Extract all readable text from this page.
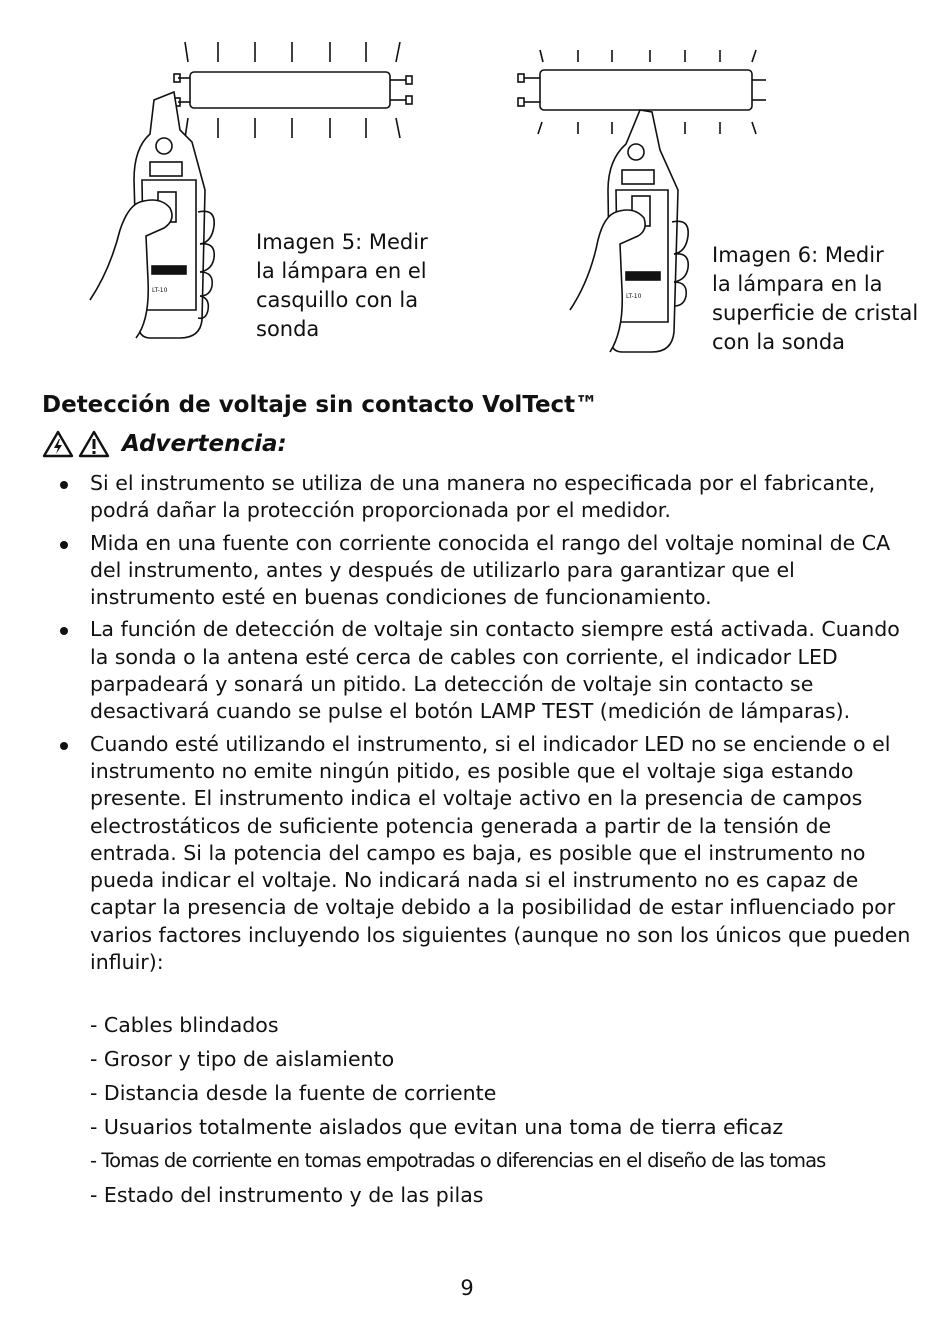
LT-10
Imagen 5: Medir
la lámpara en el
casquillo con la
sonda
LT-10
Imagen 6: Medir
la lámpara en la
superficie de cristal
con la sonda
Detección de voltaje sin contacto VolTect™
Advertencia:
Si el instrumento se utiliza de una manera no especificada por el fabricante, podrá dañar la protección proporcionada por el medidor.
Mida en una fuente con corriente conocida el rango del voltaje nominal de CA del instrumento, antes y después de utilizarlo para garantizar que el instrumento esté en buenas condiciones de funcionamiento.
La función de detección de voltaje sin contacto siempre está activada. Cuando la sonda o la antena esté cerca de cables con corriente, el indicador LED parpadeará y sonará un pitido. La detección de voltaje sin contacto se desactivará cuando se pulse el botón LAMP TEST (medición de lámparas).
Cuando esté utilizando el instrumento, si el indicador LED no se enciende o el instrumento no emite ningún pitido, es posible que el voltaje siga estando presente. El instrumento indica el voltaje activo en la presencia de campos electrostáticos de suficiente potencia generada a partir de la tensión de entrada. Si la potencia del campo es baja, es posible que el instrumento no pueda indicar el voltaje. No indicará nada si el instrumento no es capaz de captar la presencia de voltaje debido a la posibilidad de estar influenciado por varios factores incluyendo los siguientes (aunque no son los únicos que pueden influir):
- Cables blindados
- Grosor y tipo de aislamiento
- Distancia desde la fuente de corriente
- Usuarios totalmente aislados que evitan una toma de tierra eficaz
- Tomas de corriente en tomas empotradas o diferencias en el diseño de las tomas
- Estado del instrumento y de las pilas
9
